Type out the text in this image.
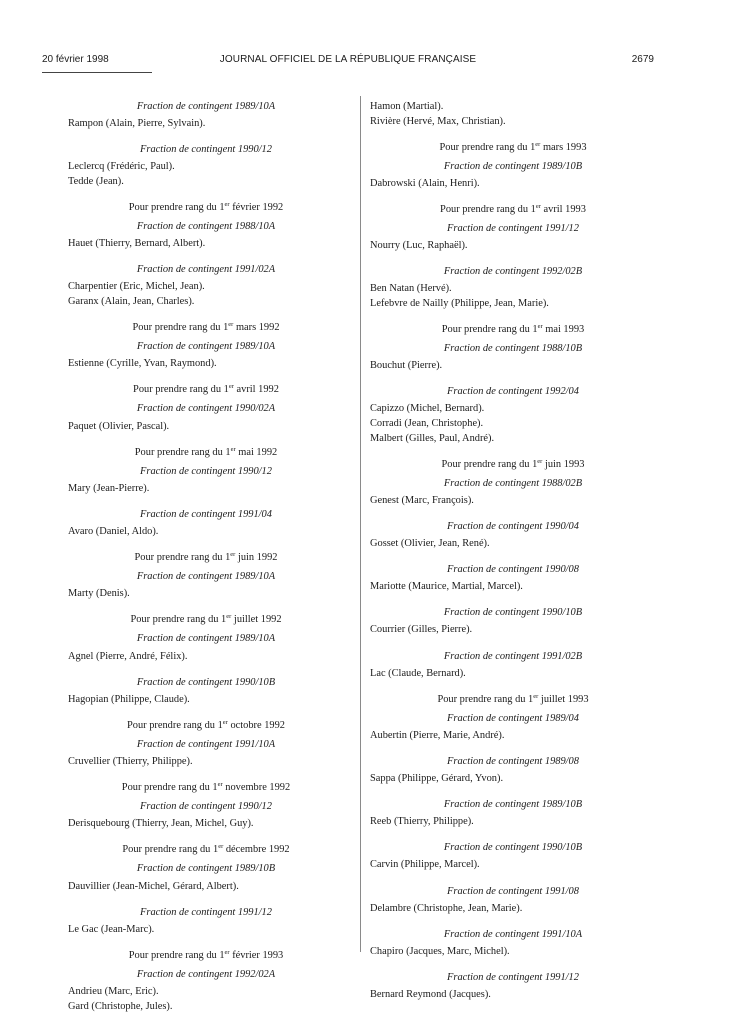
20 février 1998	JOURNAL OFFICIEL DE LA RÉPUBLIQUE FRANÇAISE	2679
Fraction de contingent 1989/10A
Rampon (Alain, Pierre, Sylvain).
Fraction de contingent 1990/12
Leclercq (Frédéric, Paul).
Tedde (Jean).
Pour prendre rang du 1er février 1992
Fraction de contingent 1988/10A
Hauet (Thierry, Bernard, Albert).
Fraction de contingent 1991/02A
Charpentier (Eric, Michel, Jean).
Garanx (Alain, Jean, Charles).
Pour prendre rang du 1er mars 1992
Fraction de contingent 1989/10A
Estienne (Cyrille, Yvan, Raymond).
Pour prendre rang du 1er avril 1992
Fraction de contingent 1990/02A
Paquet (Olivier, Pascal).
Pour prendre rang du 1er mai 1992
Fraction de contingent 1990/12
Mary (Jean-Pierre).
Fraction de contingent 1991/04
Avaro (Daniel, Aldo).
Pour prendre rang du 1er juin 1992
Fraction de contingent 1989/10A
Marty (Denis).
Pour prendre rang du 1er juillet 1992
Fraction de contingent 1989/10A
Agnel (Pierre, André, Félix).
Fraction de contingent 1990/10B
Hagopian (Philippe, Claude).
Pour prendre rang du 1er octobre 1992
Fraction de contingent 1991/10A
Cruvellier (Thierry, Philippe).
Pour prendre rang du 1er novembre 1992
Fraction de contingent 1990/12
Derisquebourg (Thierry, Jean, Michel, Guy).
Pour prendre rang du 1er décembre 1992
Fraction de contingent 1989/10B
Dauvillier (Jean-Michel, Gérard, Albert).
Fraction de contingent 1991/12
Le Gac (Jean-Marc).
Pour prendre rang du 1er février 1993
Fraction de contingent 1992/02A
Andrieu (Marc, Eric).
Gard (Christophe, Jules).
Hamon (Martial).
Rivière (Hervé, Max, Christian).
Pour prendre rang du 1er mars 1993
Fraction de contingent 1989/10B
Dabrowski (Alain, Henri).
Pour prendre rang du 1er avril 1993
Fraction de contingent 1991/12
Nourry (Luc, Raphaël).
Fraction de contingent 1992/02B
Ben Natan (Hervé).
Lefebvre de Nailly (Philippe, Jean, Marie).
Pour prendre rang du 1er mai 1993
Fraction de contingent 1988/10B
Bouchut (Pierre).
Fraction de contingent 1992/04
Capizzo (Michel, Bernard).
Corradi (Jean, Christophe).
Malbert (Gilles, Paul, André).
Pour prendre rang du 1er juin 1993
Fraction de contingent 1988/02B
Genest (Marc, François).
Fraction de contingent 1990/04
Gosset (Olivier, Jean, René).
Fraction de contingent 1990/08
Mariotte (Maurice, Martial, Marcel).
Fraction de contingent 1990/10B
Courrier (Gilles, Pierre).
Fraction de contingent 1991/02B
Lac (Claude, Bernard).
Pour prendre rang du 1er juillet 1993
Fraction de contingent 1989/04
Aubertin (Pierre, Marie, André).
Fraction de contingent 1989/08
Sappa (Philippe, Gérard, Yvon).
Fraction de contingent 1989/10B
Reeb (Thierry, Philippe).
Fraction de contingent 1990/10B
Carvin (Philippe, Marcel).
Fraction de contingent 1991/08
Delambre (Christophe, Jean, Marie).
Fraction de contingent 1991/10A
Chapiro (Jacques, Marc, Michel).
Fraction de contingent 1991/12
Bernard Reymond (Jacques).
